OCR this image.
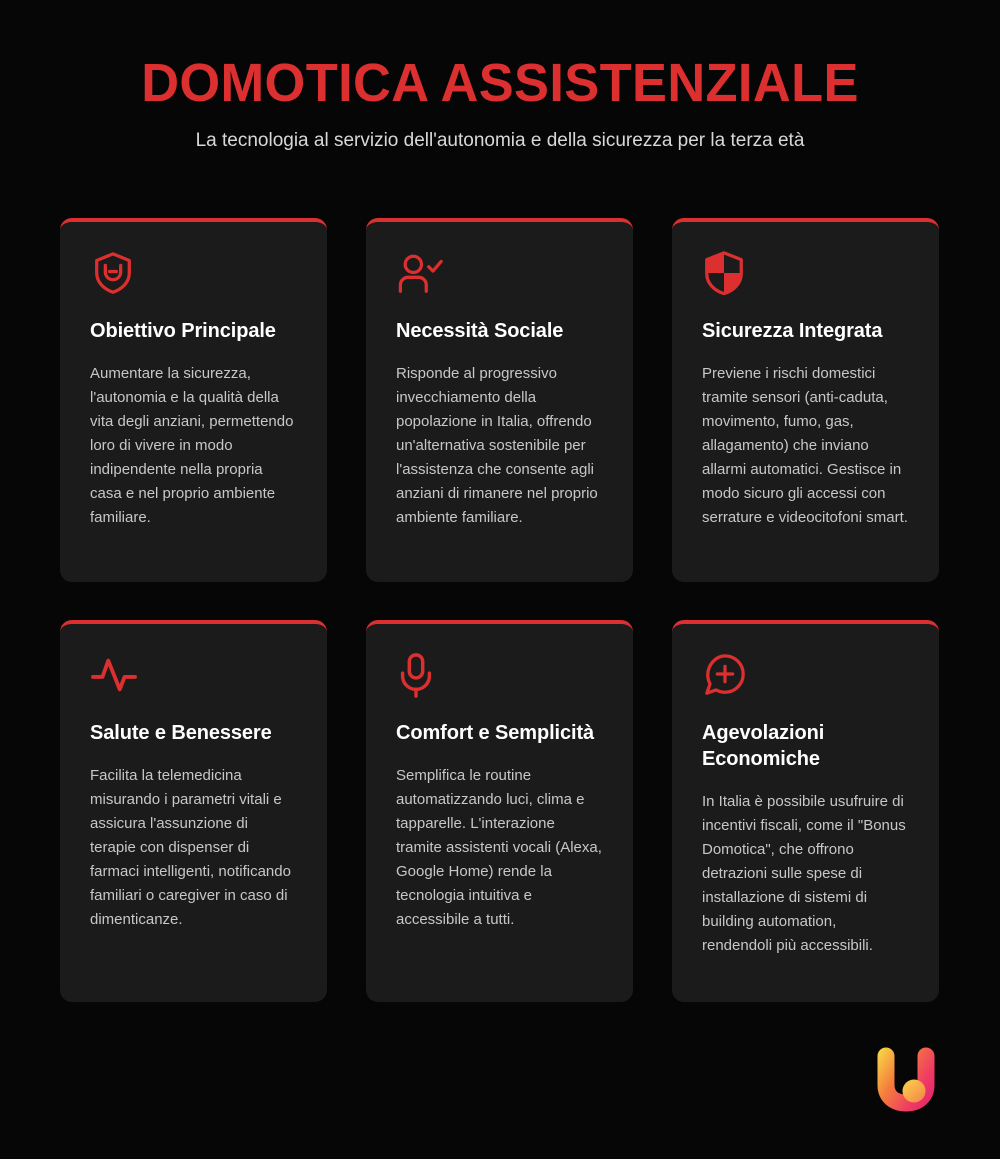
DOMOTICA ASSISTENZIALE

La tecnologia al servizio dell'autonomia e della sicurezza per la terza età

Obiettivo Principale

Aumentare la sicurezza, l'autonomia e la qualità della vita degli anziani, permettendo loro di vivere in modo indipendente nella propria casa e nel proprio ambiente familiare.

Necessità Sociale

Risponde al progressivo invecchiamento della popolazione in Italia, offrendo un'alternativa sostenibile per l'assistenza che consente agli anziani di rimanere nel proprio ambiente familiare.

Sicurezza Integrata

Previene i rischi domestici tramite sensori (anti-caduta, movimento, fumo, gas, allagamento) che inviano allarmi automatici. Gestisce in modo sicuro gli accessi con serrature e videocitofoni smart.

Salute e Benessere

Facilita la telemedicina misurando i parametri vitali e assicura l'assunzione di terapie con dispenser di farmaci intelligenti, notificando familiari o caregiver in caso di dimenticanze.

Comfort e Semplicità

Semplifica le routine automatizzando luci, clima e tapparelle. L'interazione tramite assistenti vocali (Alexa, Google Home) rende la tecnologia intuitiva e accessibile a tutti.

Agevolazioni Economiche

In Italia è possibile usufruire di incentivi fiscali, come il "Bonus Domotica", che offrono detrazioni sulle spese di installazione di sistemi di building automation, rendendoli più accessibili.
